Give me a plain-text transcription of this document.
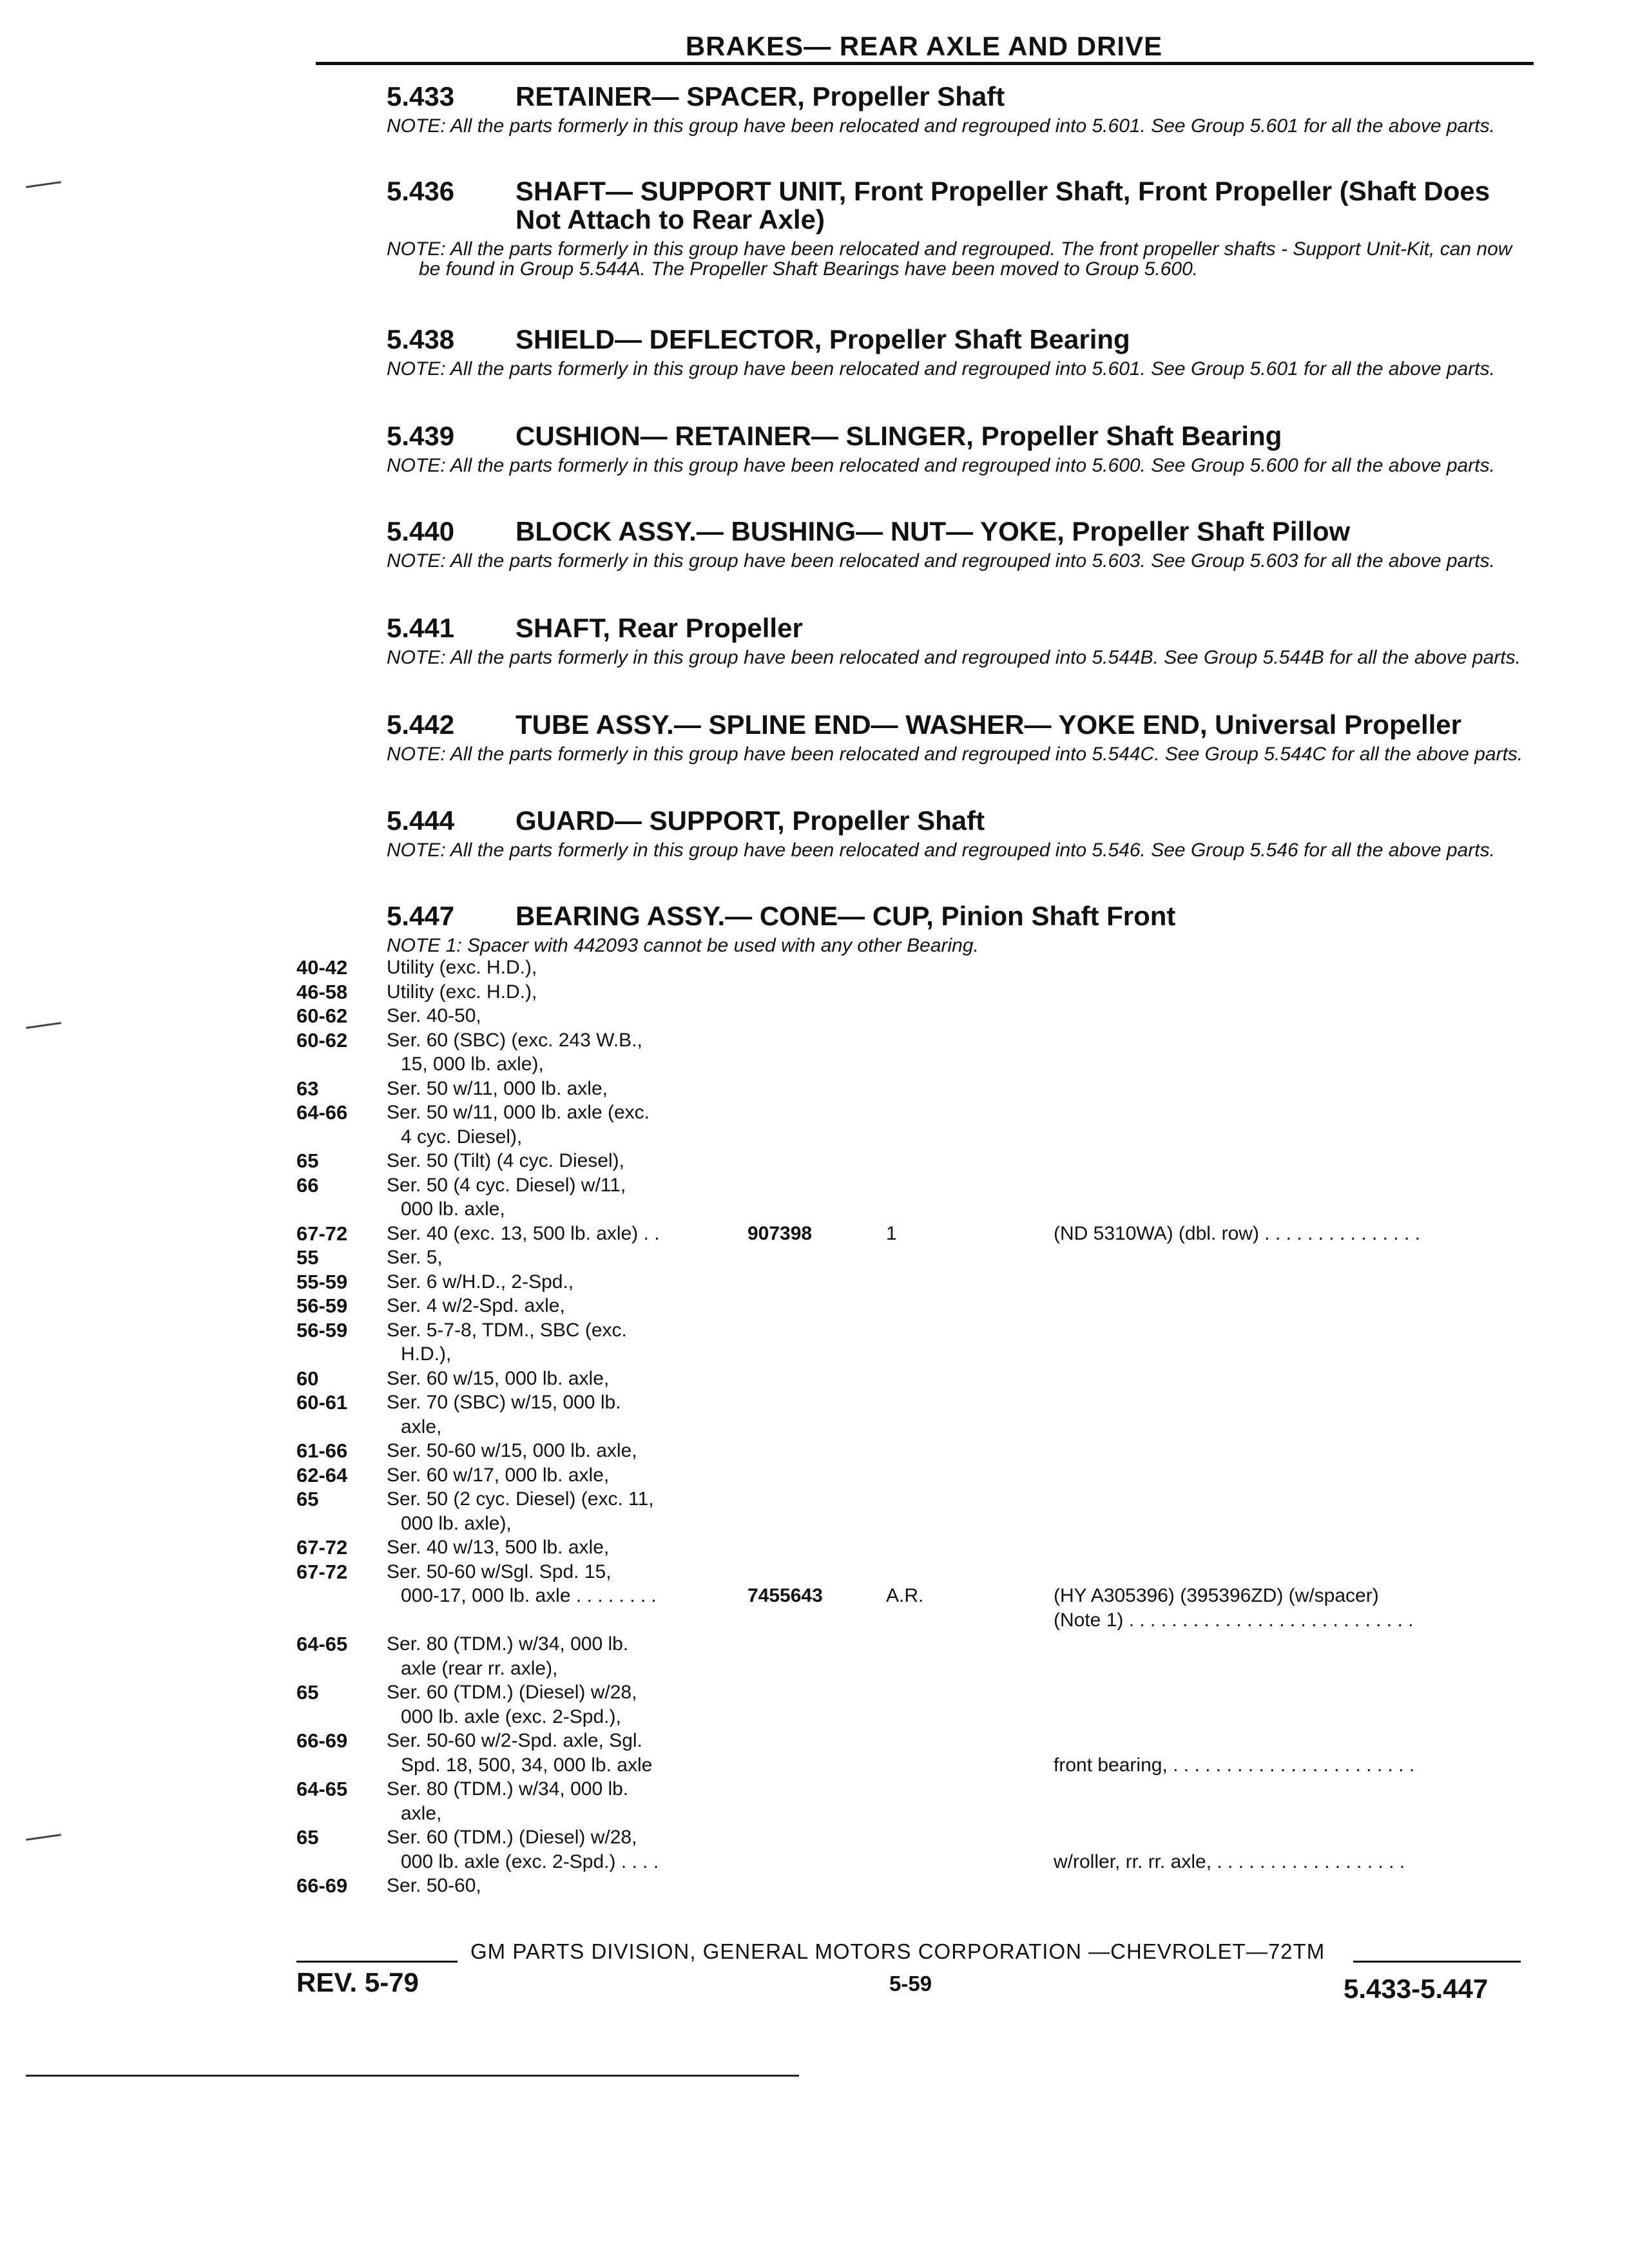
BRAKES— REAR AXLE AND DRIVE
5.433 RETAINER— SPACER, Propeller Shaft
NOTE: All the parts formerly in this group have been relocated and regrouped into 5.601. See Group 5.601 for all the above parts.
5.436 SHAFT— SUPPORT UNIT, Front Propeller Shaft, Front Propeller (Shaft Does Not Attach to Rear Axle)
NOTE: All the parts formerly in this group have been relocated and regrouped. The front propeller shafts - Support Unit-Kit, can now be found in Group 5.544A. The Propeller Shaft Bearings have been moved to Group 5.600.
5.438 SHIELD— DEFLECTOR, Propeller Shaft Bearing
NOTE: All the parts formerly in this group have been relocated and regrouped into 5.601. See Group 5.601 for all the above parts.
5.439 CUSHION— RETAINER— SLINGER, Propeller Shaft Bearing
NOTE: All the parts formerly in this group have been relocated and regrouped into 5.600. See Group 5.600 for all the above parts.
5.440 BLOCK ASSY.— BUSHING— NUT— YOKE, Propeller Shaft Pillow
NOTE: All the parts formerly in this group have been relocated and regrouped into 5.603. See Group 5.603 for all the above parts.
5.441 SHAFT, Rear Propeller
NOTE: All the parts formerly in this group have been relocated and regrouped into 5.544B. See Group 5.544B for all the above parts.
5.442 TUBE ASSY.— SPLINE END— WASHER— YOKE END, Universal Propeller
NOTE: All the parts formerly in this group have been relocated and regrouped into 5.544C. See Group 5.544C for all the above parts.
5.444 GUARD— SUPPORT, Propeller Shaft
NOTE: All the parts formerly in this group have been relocated and regrouped into 5.546. See Group 5.546 for all the above parts.
5.447 BEARING ASSY.— CONE— CUP, Pinion Shaft Front
NOTE 1: Spacer with 442093 cannot be used with any other Bearing.
40-42	Utility (exc. H.D.),
46-58	Utility (exc. H.D.),
60-62	Ser. 40-50,
60-62	Ser. 60 (SBC) (exc. 243 W.B.,
15, 000 lb. axle),
63	Ser. 50 w/11, 000 lb. axle,
64-66	Ser. 50 w/11, 000 lb. axle (exc.
4 cyc. Diesel),
65	Ser. 50 (Tilt) (4 cyc. Diesel),
66	Ser. 50 (4 cyc. Diesel) w/11,
000 lb. axle,
67-72	Ser. 40 (exc. 13, 500 lb. axle) . .	907398	1	(ND 5310WA) (dbl. row) . . . . . . . . . . . . . . .
55	Ser. 5,
55-59	Ser. 6 w/H.D., 2-Spd.,
56-59	Ser. 4 w/2-Spd. axle,
56-59	Ser. 5-7-8, TDM., SBC (exc.
H.D.),
60	Ser. 60 w/15, 000 lb. axle,
60-61	Ser. 70 (SBC) w/15, 000 lb.
axle,
61-66	Ser. 50-60 w/15, 000 lb. axle,
62-64	Ser. 60 w/17, 000 lb. axle,
65	Ser. 50 (2 cyc. Diesel) (exc. 11,
000 lb. axle),
67-72	Ser. 40 w/13, 500 lb. axle,
67-72	Ser. 50-60 w/Sgl. Spd. 15,
000-17, 000 lb. axle . . . . . . . .	7455643	A.R.	(HY A305396) (395396ZD) (w/spacer)
(Note 1) . . . . . . . . . . . . . . . . . . . . . . . . . . .
64-65	Ser. 80 (TDM.) w/34, 000 lb.
axle (rear rr. axle),
65	Ser. 60 (TDM.) (Diesel) w/28,
000 lb. axle (exc. 2-Spd.),
66-69	Ser. 50-60 w/2-Spd. axle, Sgl.
Spd. 18, 500, 34, 000 lb. axle	front bearing, . . . . . . . . . . . . . . . . . . . . . . .
64-65	Ser. 80 (TDM.) w/34, 000 lb.
axle,
65	Ser. 60 (TDM.) (Diesel) w/28,
000 lb. axle (exc. 2-Spd.) . . . .	w/roller, rr. rr. axle, . . . . . . . . . . . . . . . . . .
66-69	Ser. 50-60,
GM PARTS DIVISION, GENERAL MOTORS CORPORATION —CHEVROLET—72TM
REV. 5-79	5-59	5.433-5.447
